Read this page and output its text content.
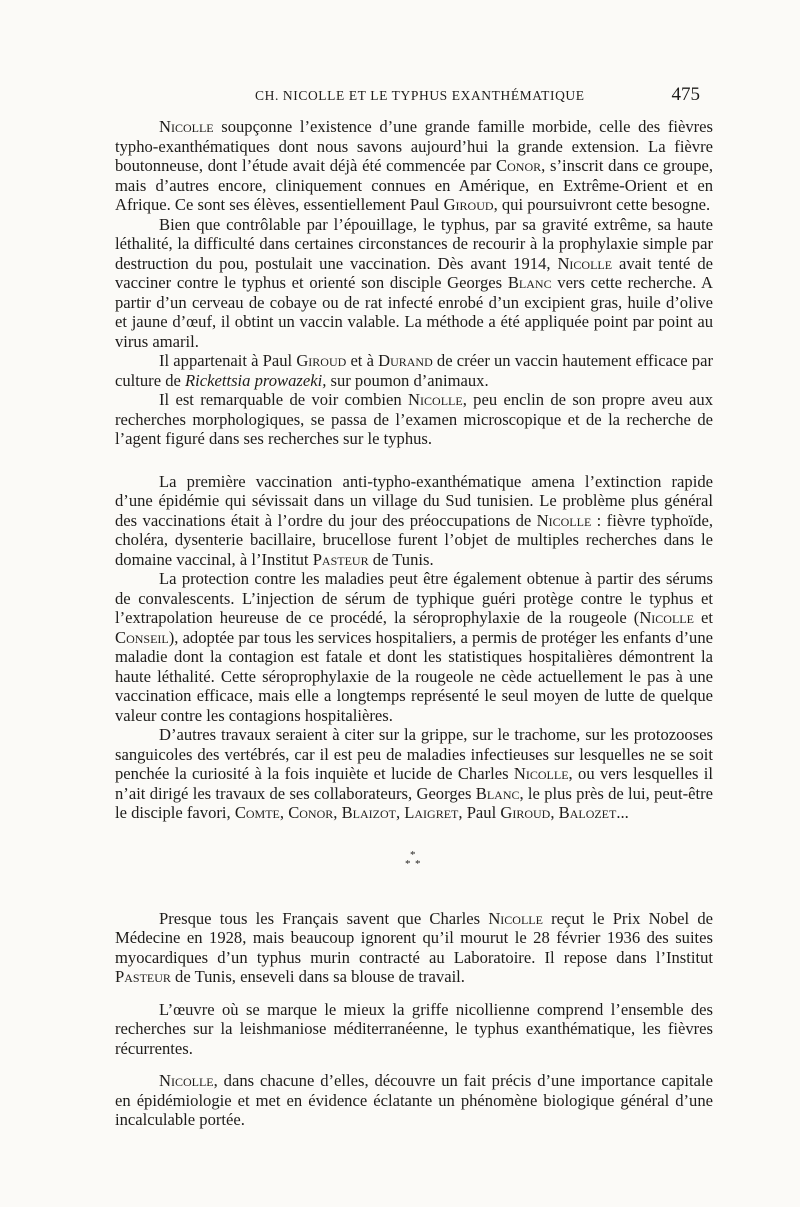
CH. NICOLLE ET LE TYPHUS EXANTHÉMATIQUE	475

Nicolle soupçonne l’existence d’une grande famille morbide, celle des fièvres typho-exanthématiques dont nous savons aujourd’hui la grande extension. La fièvre boutonneuse, dont l’étude avait déjà été commencée par Conor, s’inscrit dans ce groupe, mais d’autres encore, cliniquement connues en Amérique, en Extrême-Orient et en Afrique. Ce sont ses élèves, essentiellement Paul Giroud, qui poursuivront cette besogne.

Bien que contrôlable par l’épouillage, le typhus, par sa gravité extrême, sa haute léthalité, la difficulté dans certaines circonstances de recourir à la prophylaxie simple par destruction du pou, postulait une vaccination. Dès avant 1914, Nicolle avait tenté de vacciner contre le typhus et orienté son disciple Georges Blanc vers cette recherche. A partir d’un cerveau de cobaye ou de rat infecté enrobé d’un excipient gras, huile d’olive et jaune d’œuf, il obtint un vaccin valable. La méthode a été appliquée point par point au virus amaril.

Il appartenait à Paul Giroud et à Durand de créer un vaccin hautement efficace par culture de Rickettsia prowazeki, sur poumon d’animaux.

Il est remarquable de voir combien Nicolle, peu enclin de son propre aveu aux recherches morphologiques, se passa de l’examen microscopique et de la recherche de l’agent figuré dans ses recherches sur le typhus.

La première vaccination anti-typho-exanthématique amena l’extinction rapide d’une épidémie qui sévissait dans un village du Sud tunisien. Le problème plus général des vaccinations était à l’ordre du jour des préoccupations de Nicolle : fièvre typhoïde, choléra, dysenterie bacillaire, brucellose furent l’objet de multiples recherches dans le domaine vaccinal, à l’Institut Pasteur de Tunis.

La protection contre les maladies peut être également obtenue à partir des sérums de convalescents. L’injection de sérum de typhique guéri protège contre le typhus et l’extrapolation heureuse de ce procédé, la séroprophylaxie de la rougeole (Nicolle et Conseil), adoptée par tous les services hospitaliers, a permis de protéger les enfants d’une maladie dont la contagion est fatale et dont les statistiques hospitalières démontrent la haute léthalité. Cette séroprophylaxie de la rougeole ne cède actuellement le pas à une vaccination efficace, mais elle a longtemps représenté le seul moyen de lutte de quelque valeur contre les contagions hospitalières.

D’autres travaux seraient à citer sur la grippe, sur le trachome, sur les protozooses sanguicoles des vertébrés, car il est peu de maladies infectieuses sur lesquelles ne se soit penchée la curiosité à la fois inquiète et lucide de Charles Nicolle, ou vers lesquelles il n’ait dirigé les travaux de ses collaborateurs, Georges Blanc, le plus près de lui, peut-être le disciple favori, Comte, Conor, Blaizot, Laigret, Paul Giroud, Balozet...

*
* *

Presque tous les Français savent que Charles Nicolle reçut le Prix Nobel de Médecine en 1928, mais beaucoup ignorent qu’il mourut le 28 février 1936 des suites myocardiques d’un typhus murin contracté au Laboratoire. Il repose dans l’Institut Pasteur de Tunis, enseveli dans sa blouse de travail.

L’œuvre où se marque le mieux la griffe nicollienne comprend l’ensemble des recherches sur la leishmaniose méditerranéenne, le typhus exanthématique, les fièvres récurrentes.

Nicolle, dans chacune d’elles, découvre un fait précis d’une importance capitale en épidémiologie et met en évidence éclatante un phénomène biologique général d’une incalculable portée.
